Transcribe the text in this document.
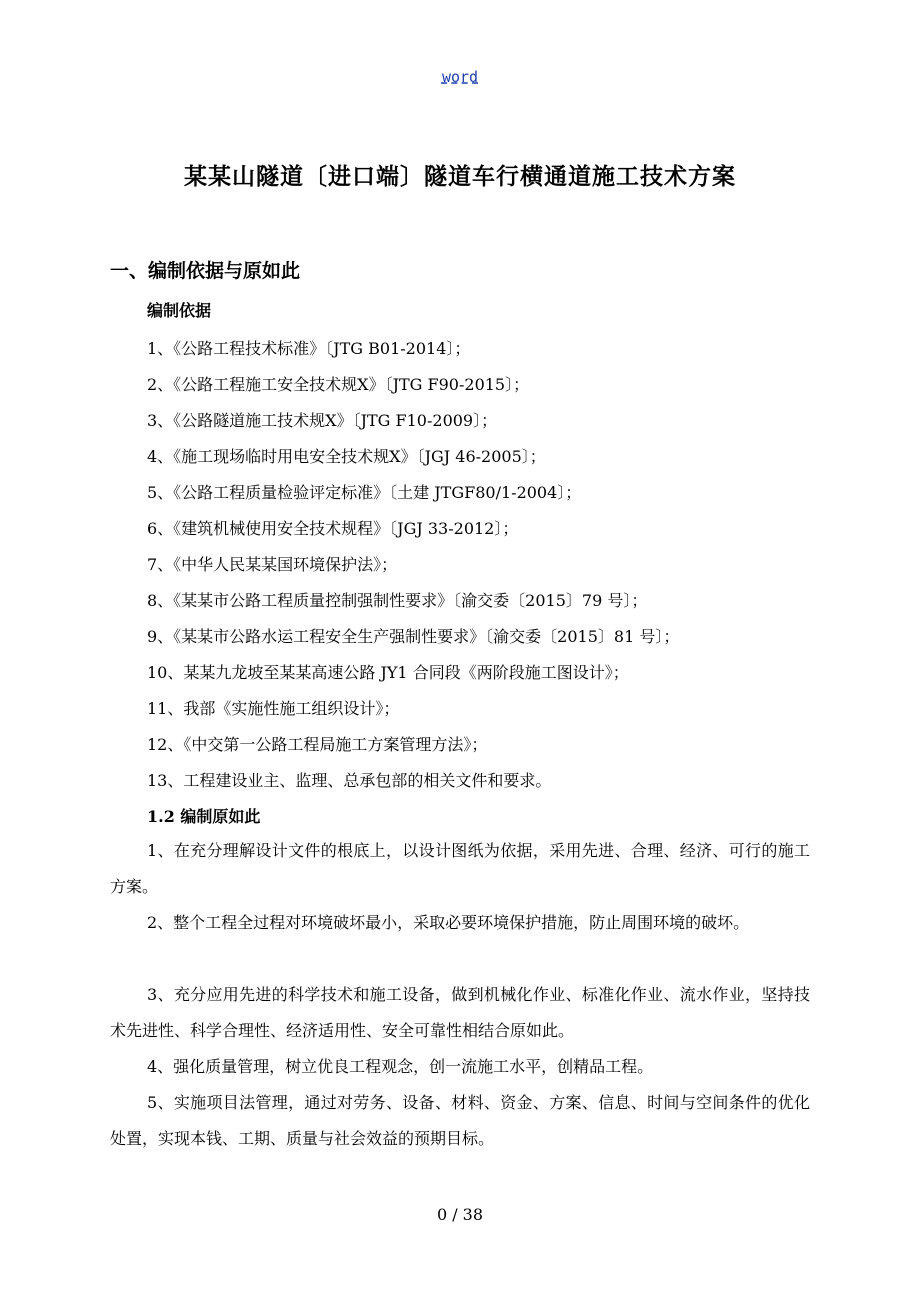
word
某某山隧道〔进口端〕隧道车行横通道施工技术方案
一、编制依据与原如此
编制依据

1、《公路工程技术标准》〔JTG B01-2014〕；

2、《公路工程施工安全技术规X》〔JTG F90-2015〕；

3、《公路隧道施工技术规X》〔JTG F10-2009〕；

4、《施工现场临时用电安全技术规X》〔JGJ 46-2005〕；

5、《公路工程质量检验评定标准》〔土建 JTGF80/1-2004〕；

6、《建筑机械使用安全技术规程》〔JGJ 33-2012〕；

7、《中华人民某某国环境保护法》；

8、《某某市公路工程质量控制强制性要求》〔渝交委〔2015〕79 号〕；

9、《某某市公路水运工程安全生产强制性要求》〔渝交委〔2015〕81 号〕；

10、某某九龙坡至某某高速公路 JY1 合同段《两阶段施工图设计》；

11、我部《实施性施工组织设计》；

12、《中交第一公路工程局施工方案管理方法》；

13、工程建设业主、监理、总承包部的相关文件和要求。

1.2 编制原如此

1、在充分理解设计文件的根底上，以设计图纸为依据，采用先进、合理、经济、可行的施工方案。

2、整个工程全过程对环境破坏最小，采取必要环境保护措施，防止周围环境的破坏。

3、充分应用先进的科学技术和施工设备，做到机械化作业、标准化作业、流水作业，坚持技术先进性、科学合理性、经济适用性、安全可靠性相结合原如此。

4、强化质量管理，树立优良工程观念，创一流施工水平，创精品工程。

5、实施项目法管理，通过对劳务、设备、材料、资金、方案、信息、时间与空间条件的优化处置，实现本钱、工期、质量与社会效益的预期目标。

0 / 38
